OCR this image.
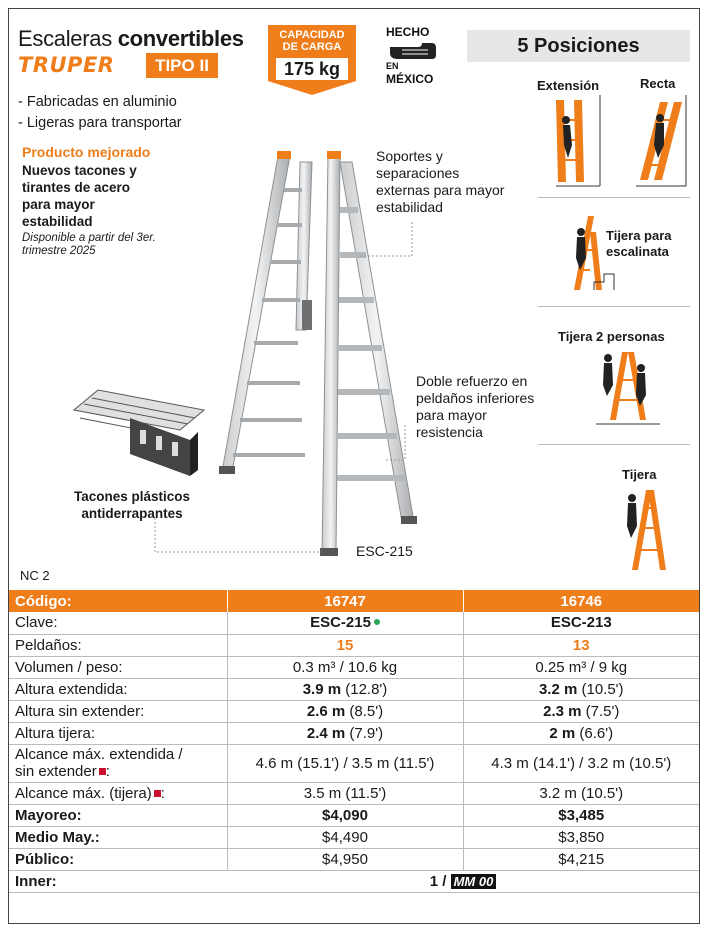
Escaleras convertibles
TRUPER	TIPO II
CAPACIDAD
DE CARGA
175 kg
HECHO
EN
MÉXICO
5 Posiciones
- Fabricadas en aluminio
- Ligeras para transportar
Producto mejorado
Nuevos tacones y tirantes de acero para mayor estabilidad
Disponible a partir del 3er. trimestre 2025
Soportes y separaciones externas para mayor estabilidad
Doble refuerzo en peldaños inferiores para mayor resistencia
Tacones plásticos antiderrapantes
ESC-215
NC 2
Extensión	Recta
Tijera para escalinata
Tijera 2 personas
Tijera
Código:	16747	16746
Clave:	ESC-215	ESC-213
Peldaños:	15	13
Volumen / peso:	0.3 m³ / 10.6 kg	0.25 m³ / 9 kg
Altura extendida:	3.9 m (12.8')	3.2 m (10.5')
Altura sin extender:	2.6 m (8.5')	2.3 m (7.5')
Altura tijera:	2.4 m (7.9')	2 m (6.6')

Alcance máx. extendida /
sin extender :	4.6 m (15.1') / 3.5 m (11.5')	4.3 m (14.1') / 3.2 m (10.5')
Alcance máx. (tijera) :	3.5 m (11.5')	3.2 m (10.5')
Mayoreo:	$4,090	$3,485
Medio May.:	$4,490	$3,850
Público:	$4,950	$4,215
Inner:	1 / MM 00	
